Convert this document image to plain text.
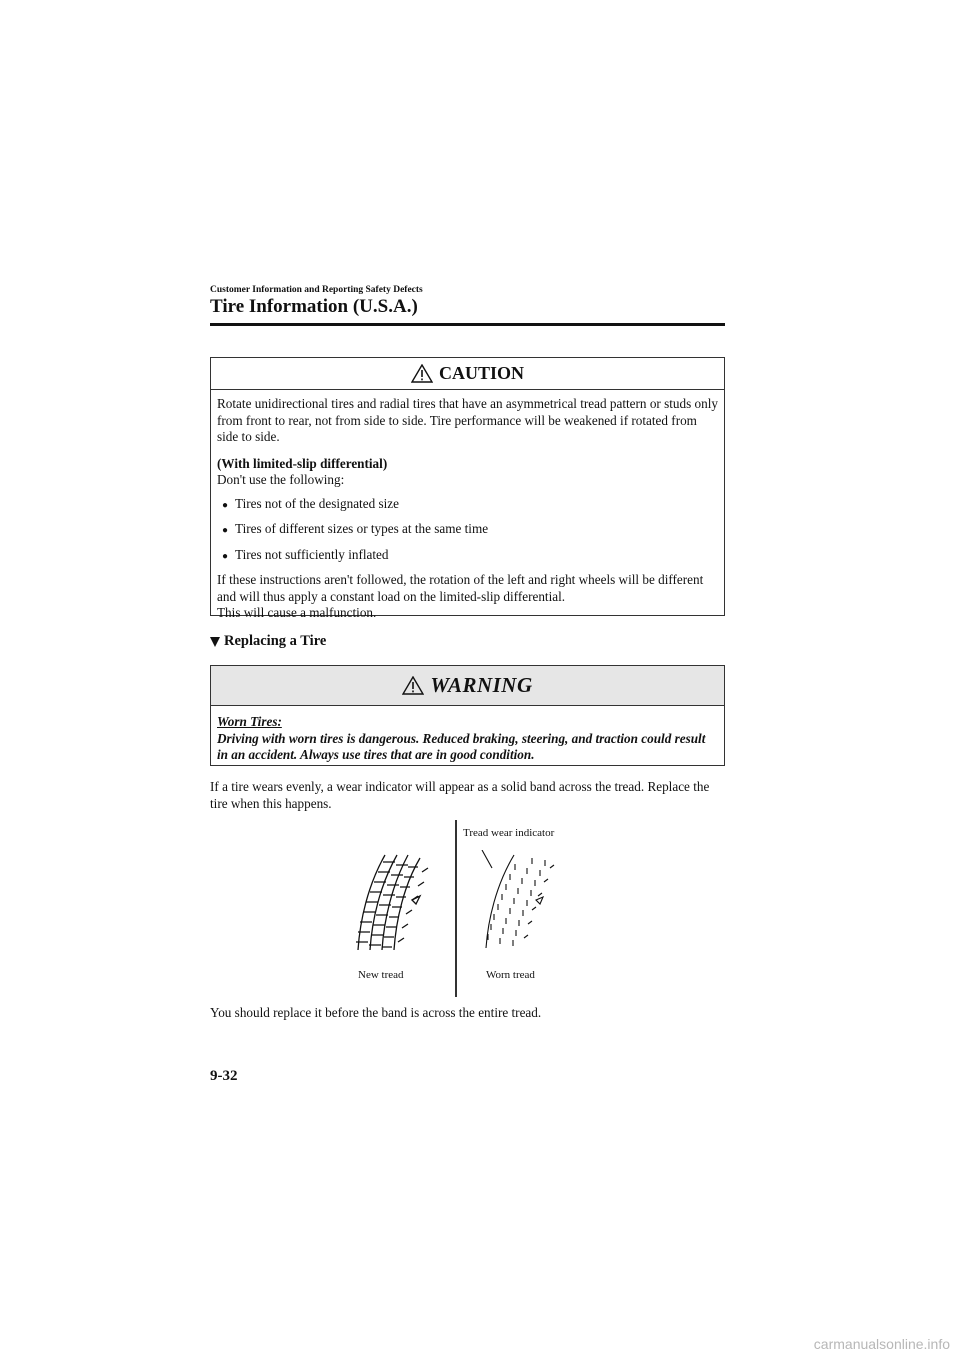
Customer Information and Reporting Safety Defects
Tire Information (U.S.A.)
CAUTION

Rotate unidirectional tires and radial tires that have an asymmetrical tread pattern or studs only from front to rear, not from side to side. Tire performance will be weakened if rotated from side to side.

(With limited-slip differential)

Don't use the following:

● Tires not of the designated size
● Tires of different sizes or types at the same time
● Tires not sufficiently inflated

If these instructions aren't followed, the rotation of the left and right wheels will be different and will thus apply a constant load on the limited-slip differential.

This will cause a malfunction.

Replacing a Tire
WARNING

Worn Tires:

Driving with worn tires is dangerous. Reduced braking, steering, and traction could result in an accident. Always use tires that are in good condition.

If a tire wears evenly, a wear indicator will appear as a solid band across the tread. Replace the tire when this happens.
Tread wear indicator
New tread	Worn tread
You should replace it before the band is across the entire tread.
9-32
carmanualsonline.info
